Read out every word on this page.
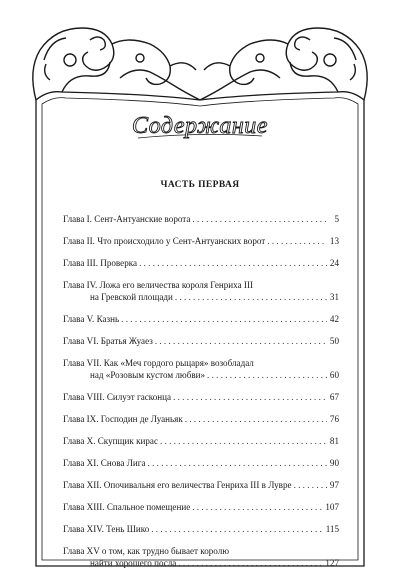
Содержание
ЧАСТЬ ПЕРВАЯ
Глава I. Сент-Антуанские ворота . . .	5
Глава II. Что происходило у Сент-Антуанских ворот . . .	13
Глава III. Проверка . . .	24
Глава IV. Ложа его величества короля Генриха III
на Гревской площади . . .	31
Глава V. Казнь . . .	42
Глава VI. Братья Жуаез . . .	50
Глава VII. Как «Меч гордого рыцаря» возобладал
над «Розовым кустом любви» . . .	60
Глава VIII. Силуэт гасконца . . .	67
Глава IX. Господин де Луаньяк . . .	76
Глава X. Скупщик кирас . . .	81
Глава XI. Снова Лига . . .	90
Глава XII. Опочивальня его величества Генриха III в Лувре . . .	97
Глава XIII. Спальное помещение . . .	107
Глава XIV. Тень Шико . . .	115
Глава XV о том, как трудно бывает королю
найти хорошего посла . . .	127
